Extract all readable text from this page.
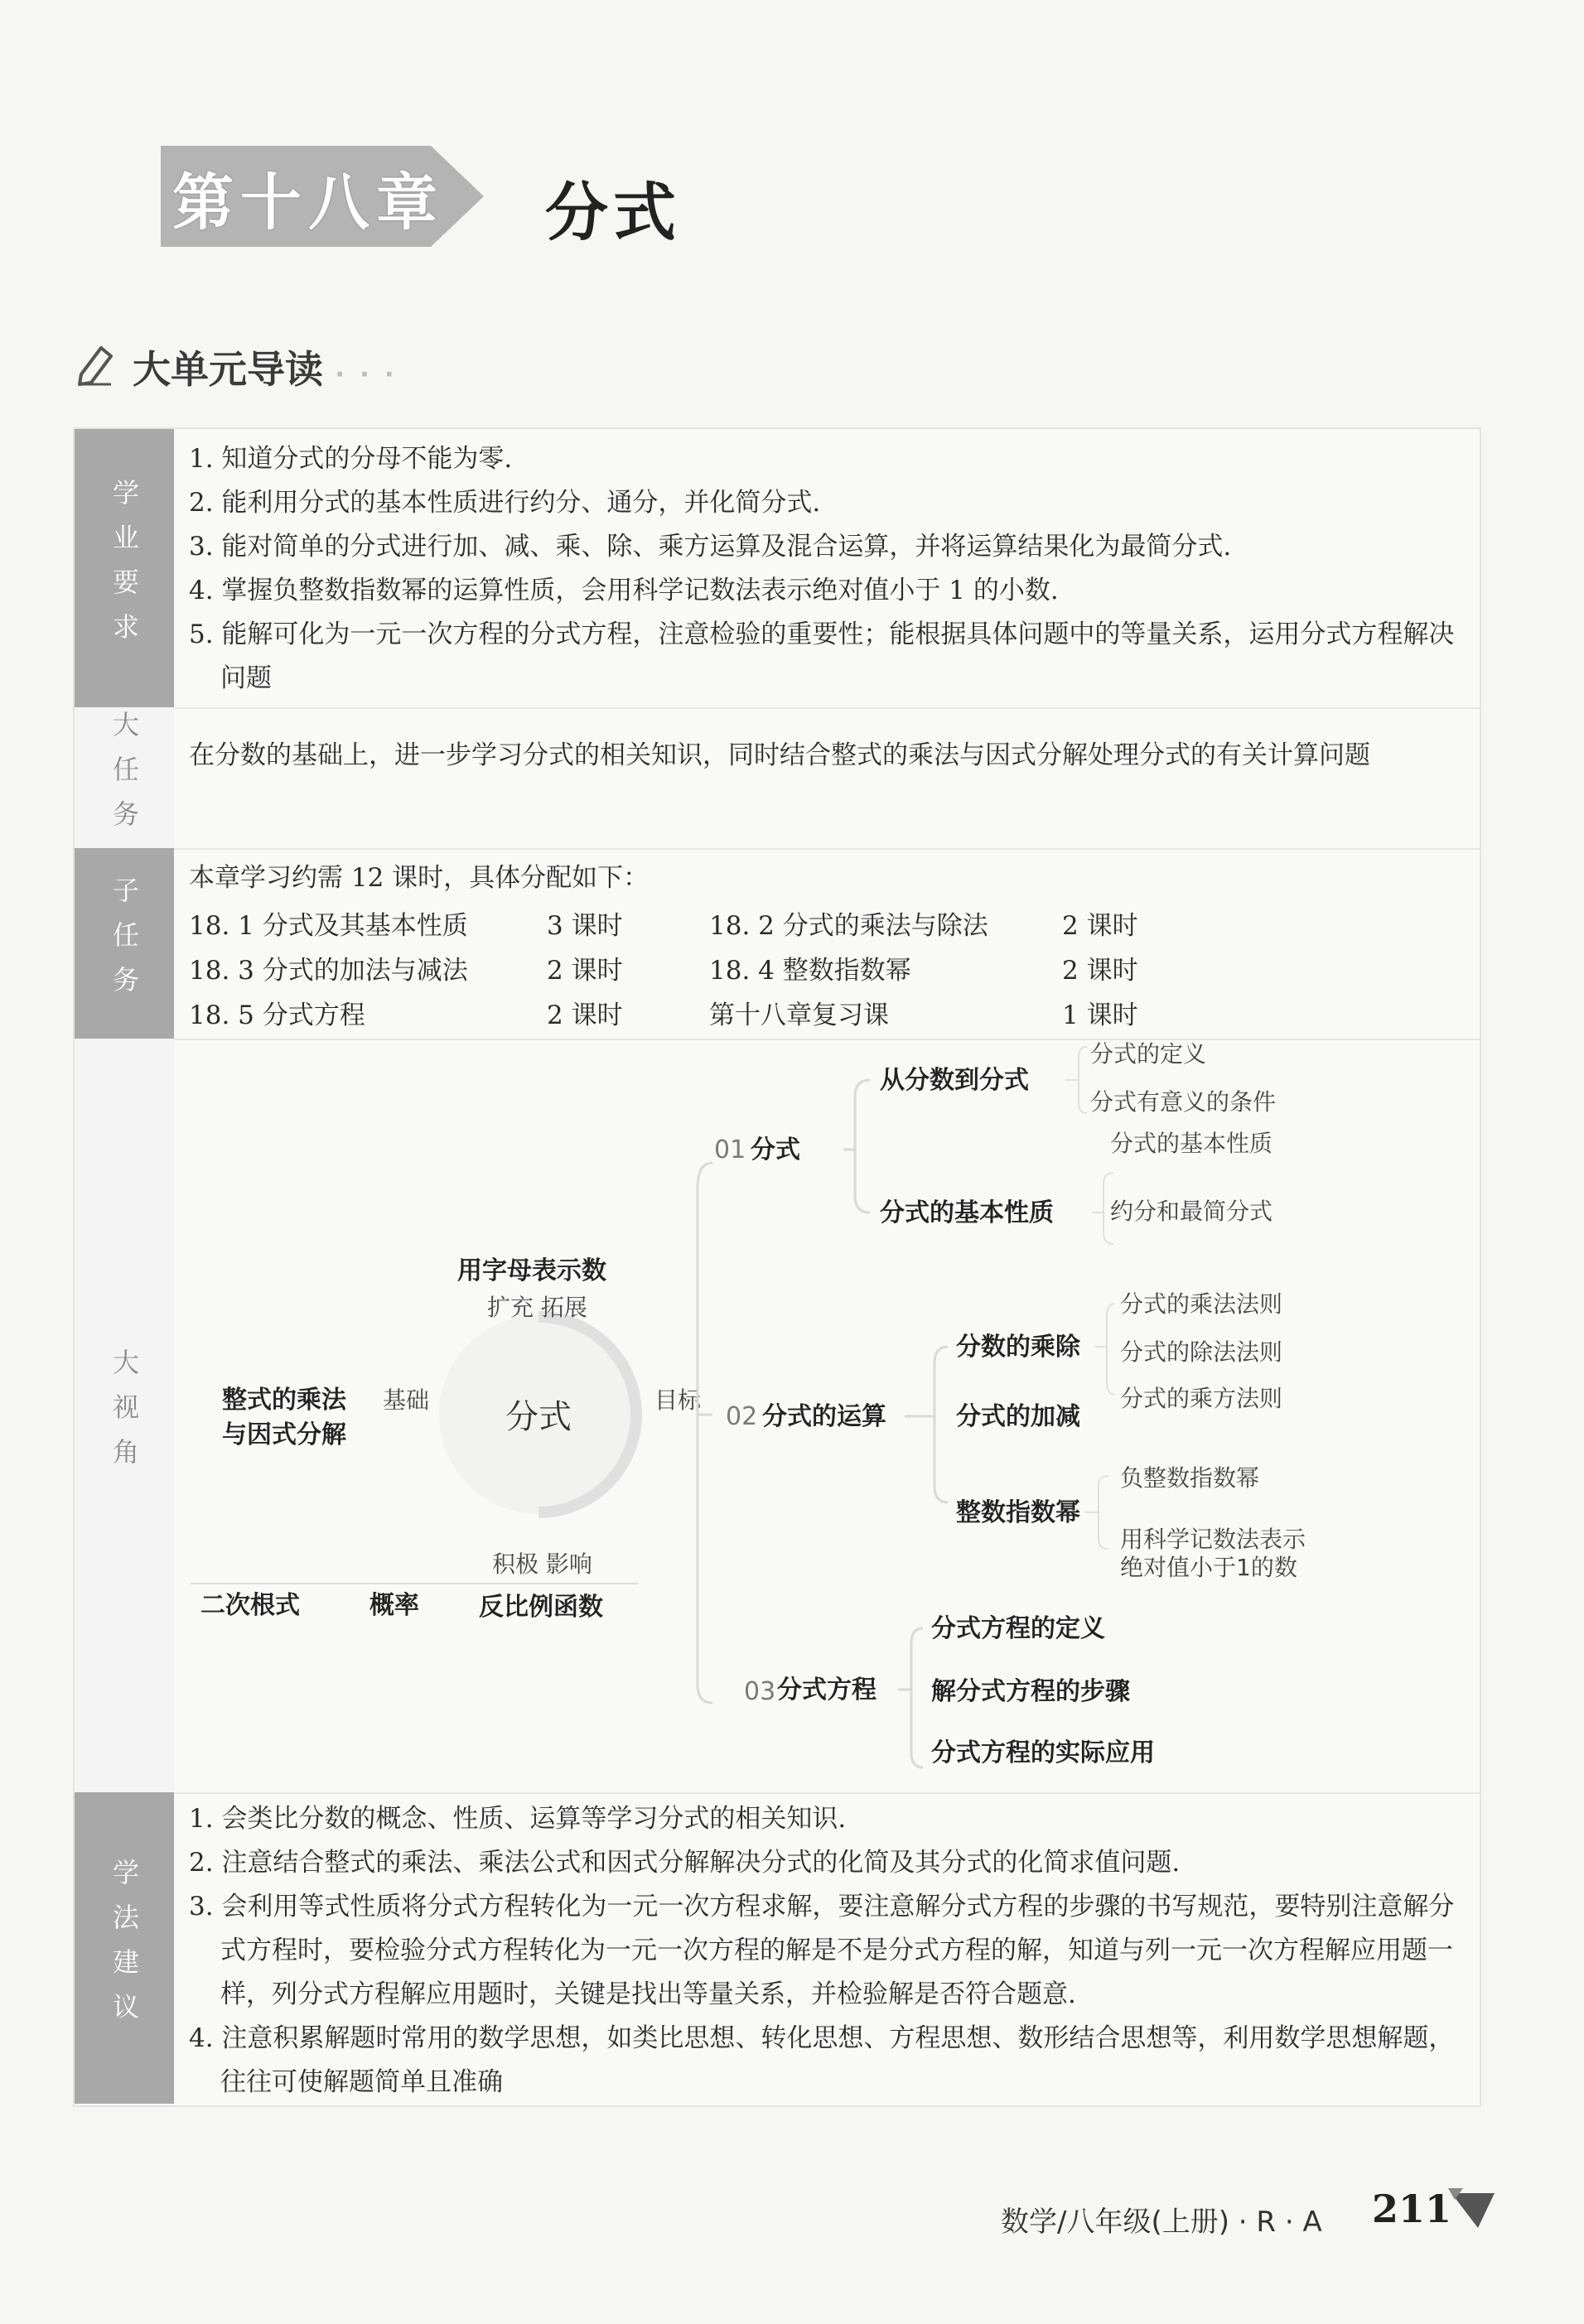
第十八章 分式
大单元导读 · · ·
学业要求

1. 知道分式的分母不能为零.

2. 能利用分式的基本性质进行约分、通分，并化简分式.

3. 能对简单的分式进行加、减、乘、除、乘方运算及混合运算，并将运算结果化为最简分式.

4. 掌握负整数指数幂的运算性质，会用科学记数法表示绝对值小于 1 的小数.

5. 能解可化为一元一次方程的分式方程，注意检验的重要性；能根据具体问题中的等量关系，运用分式方程解决问题

大任务 在分数的基础上，进一步学习分式的相关知识，同时结合整式的乘法与因式分解处理分式的有关计算问题
子任务 本章学习约需 12 课时，具体分配如下：
18. 1 分式及其基本性质	3 课时	18. 2 分式的乘法与除法	2 课时
18. 3 分式的加法与减法	2 课时	18. 4 整数指数幂	2 课时
18. 5 分式方程	2 课时	第十八章复习课	1 课时
大视角	分式
用字母表示数
扩充 拓展
整式的乘法
与因式分解
基础
积极 影响
二次根式	概率 反比例函数
目标
01 分式
从分数到分式
分式的基本性质
分式的定义
分式有意义的条件
分式的基本性质
约分和最简分式
02 分式的运算
分数的乘除
分式的加减
整数指数幂
分式的乘法法则
分式的除法法则
分式的乘方法则
负整数指数幂
用科学记数法表示
绝对值小于1的数
03 分式方程
分式方程的定义
解分式方程的步骤
分式方程的实际应用
学法建议

1. 会类比分数的概念、性质、运算等学习分式的相关知识.

2. 注意结合整式的乘法、乘法公式和因式分解解决分式的化简及其分式的化简求值问题.

3. 会利用等式性质将分式方程转化为一元一次方程求解，要注意解分式方程的步骤的书写规范，要特别注意解分式方程时，要检验分式方程转化为一元一次方程的解是不是分式方程的解，知道与列一元一次方程解应用题一样，列分式方程解应用题时，关键是找出等量关系，并检验解是否符合题意.

4. 注意积累解题时常用的数学思想，如类比思想、转化思想、方程思想、数形结合思想等，利用数学思想解题，往往可使解题简单且准确

数学/八年级(上册) · R · A 211
